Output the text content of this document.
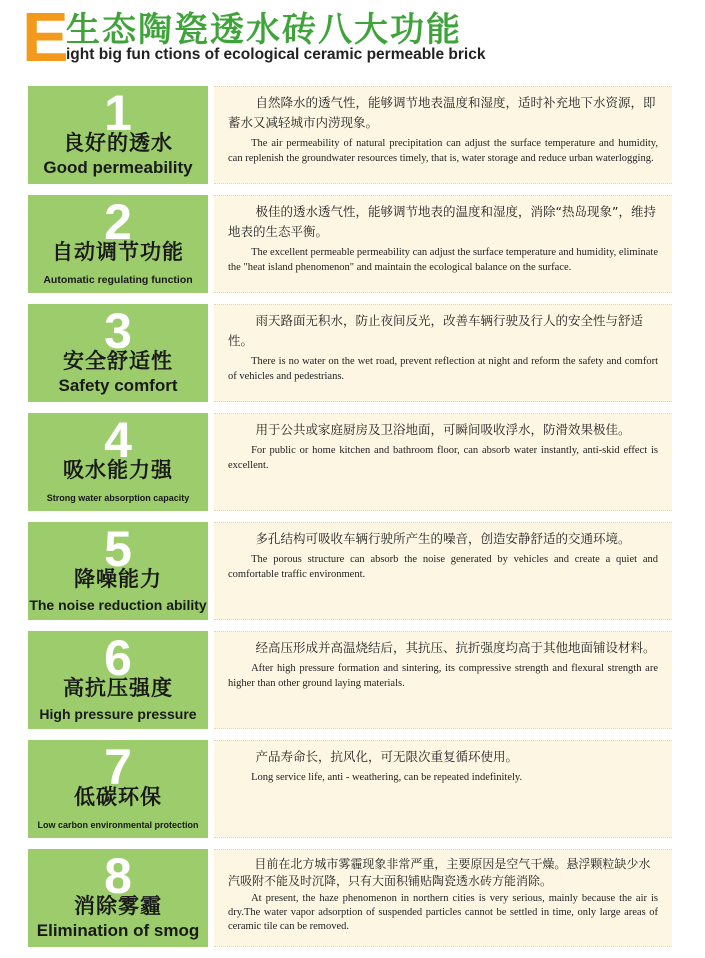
E
生态陶瓷透水砖八大功能
ight big fun ctions of ecological ceramic permeable brick
1
良好的透水
Good permeability

自然降水的透气性，能够调节地表温度和湿度，适时补充地下水资源，即蓄水又减轻城市内涝现象。

The air permeability of natural precipitation can adjust the surface temperature and humidity, can replenish the groundwater resources timely, that is, water storage and reduce urban waterlogging.

2
自动调节功能
Automatic regulating function

极佳的透水透气性，能够调节地表的温度和湿度，消除“热岛现象”，维持地表的生态平衡。

The excellent permeable permeability can adjust the surface temperature and humidity, eliminate the "heat island phenomenon" and maintain the ecological balance on the surface.

3
安全舒适性
Safety comfort

雨天路面无积水，防止夜间反光，改善车辆行驶及行人的安全性与舒适性。

There is no water on the wet road, prevent reflection at night and reform the safety and comfort of vehicles and pedestrians.

4
吸水能力强
Strong water absorption capacity

用于公共或家庭厨房及卫浴地面，可瞬间吸收浮水，防滑效果极佳。

For public or home kitchen and bathroom floor, can absorb water instantly, anti-skid effect is excellent.

5
降噪能力
The noise reduction ability

多孔结构可吸收车辆行驶所产生的噪音，创造安静舒适的交通环境。

The porous structure can absorb the noise generated by vehicles and create a quiet and comfortable traffic environment.

6
高抗压强度
High pressure pressure

经高压形成并高温烧结后，其抗压、抗折强度均高于其他地面铺设材料。

After high pressure formation and sintering, its compressive strength and flexural strength are higher than other ground laying materials.

7
低碳环保
Low carbon environmental protection

产品寿命长，抗风化，可无限次重复循环使用。

Long service life, anti - weathering, can be repeated indefinitely.

8
消除雾霾
Elimination of smog

目前在北方城市雾霾现象非常严重，主要原因是空气干燥。悬浮颗粒缺少水汽吸附不能及时沉降，只有大面积铺贴陶瓷透水砖方能消除。

At present, the haze phenomenon in northern cities is very serious, mainly because the air is dry.The water vapor adsorption of suspended particles cannot be settled in time, only large areas of ceramic tile can be removed.
